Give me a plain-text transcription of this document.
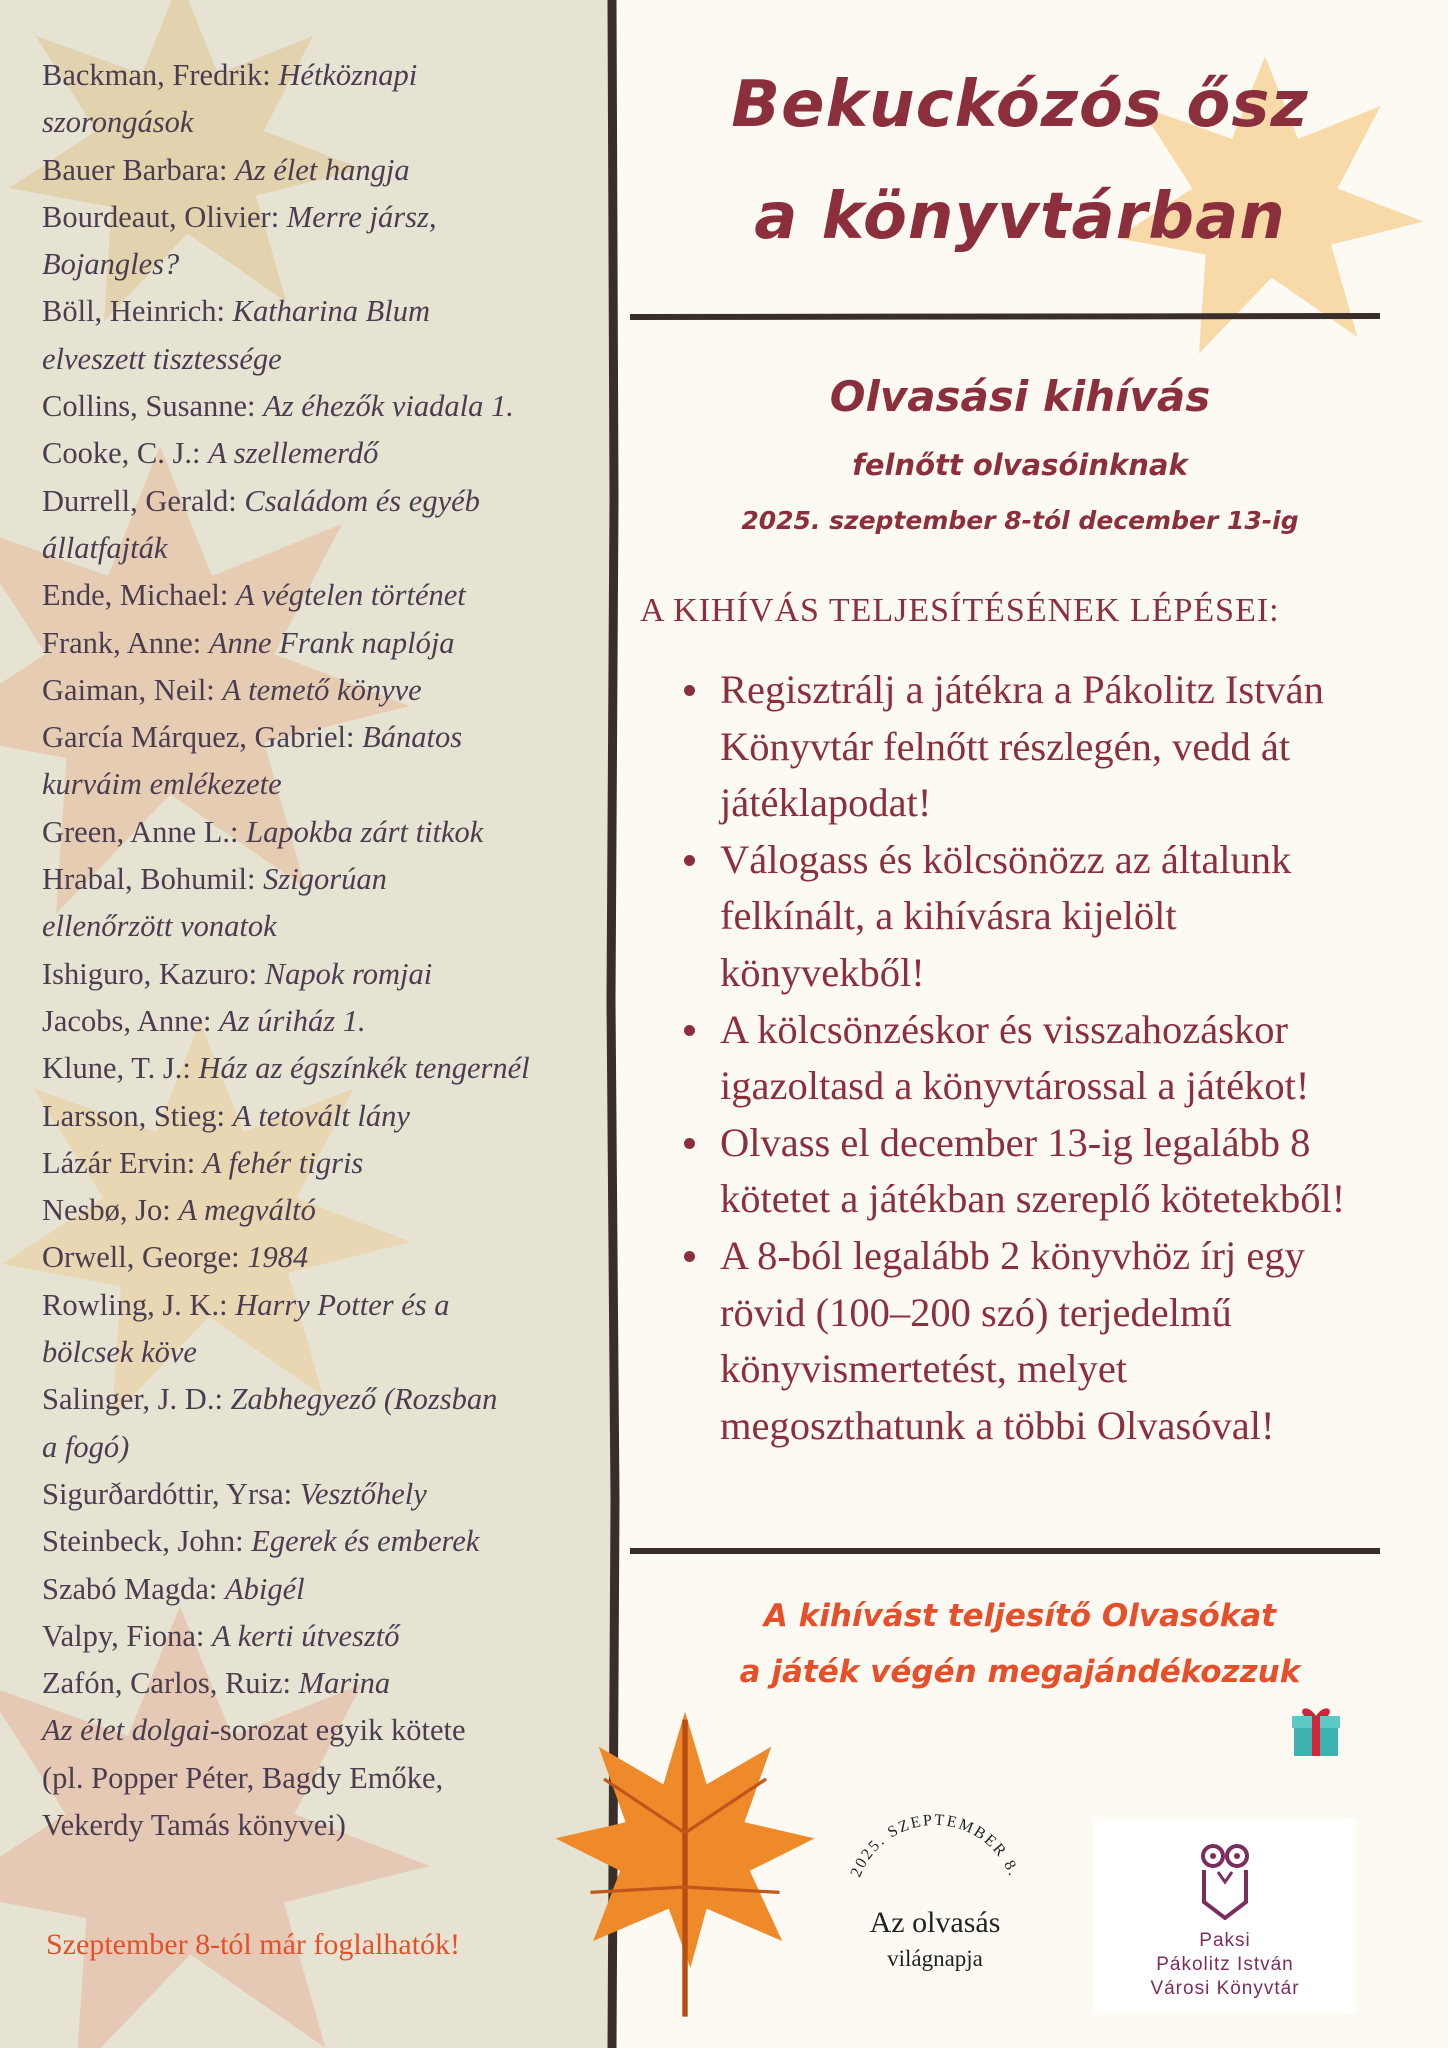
Backman, Fredrik: Hétköznapi
szorongások
Bauer Barbara: Az élet hangja
Bourdeaut, Olivier: Merre jársz,
Bojangles?
Böll, Heinrich: Katharina Blum
elveszett tisztessége
Collins, Susanne: Az éhezők viadala 1.
Cooke, C. J.: A szellemerdő
Durrell, Gerald: Családom és egyéb
állatfajták
Ende, Michael: A végtelen történet
Frank, Anne: Anne Frank naplója
Gaiman, Neil: A temető könyve
García Márquez, Gabriel: Bánatos
kurváim emlékezete
Green, Anne L.: Lapokba zárt titkok
Hrabal, Bohumil: Szigorúan
ellenőrzött vonatok
Ishiguro, Kazuro: Napok romjai
Jacobs, Anne: Az úriház 1.
Klune, T. J.: Ház az égszínkék tengernél
Larsson, Stieg: A tetovált lány
Lázár Ervin: A fehér tigris
Nesbø, Jo: A megváltó
Orwell, George: 1984
Rowling, J. K.: Harry Potter és a
bölcsek köve
Salinger, J. D.: Zabhegyező (Rozsban
a fogó)
Sigurðardóttir, Yrsa: Vesztőhely
Steinbeck, John: Egerek és emberek
Szabó Magda: Abigél
Valpy, Fiona: A kerti útvesztő
Zafón, Carlos, Ruiz: Marina
Az élet dolgai-sorozat egyik kötete
(pl. Popper Péter, Bagdy Emőke,
Vekerdy Tamás könyvei)
Szeptember 8-tól már foglalhatók!
Bekuckózós ősz
a könyvtárban
Olvasási kihívás
felnőtt olvasóinknak
2025. szeptember 8-tól december 13-ig
A KIHÍVÁS TELJESÍTÉSÉNEK LÉPÉSEI:
Regisztrálj a játékra a Pákolitz István Könyvtár felnőtt részlegén, vedd át játéklapodat!
Válogass és kölcsönözz az általunk felkínált, a kihívásra kijelölt könyvekből!
A kölcsönzéskor és visszahozáskor igazoltasd a könyvtárossal a játékot!
Olvass el december 13-ig legalább 8 kötetet a játékban szereplő kötetekből!
A 8-ból legalább 2 könyvhöz írj egy rövid (100–200 szó) terjedelmű könyvismertetést, melyet megoszthatunk a többi Olvasóval!
A kihívást teljesítő Olvasókat
a játék végén megajándékozzuk
2025. SZEPTEMBER 8.
Az olvasás
világnapja
Paksi
Pákolitz István
Városi Könyvtár
